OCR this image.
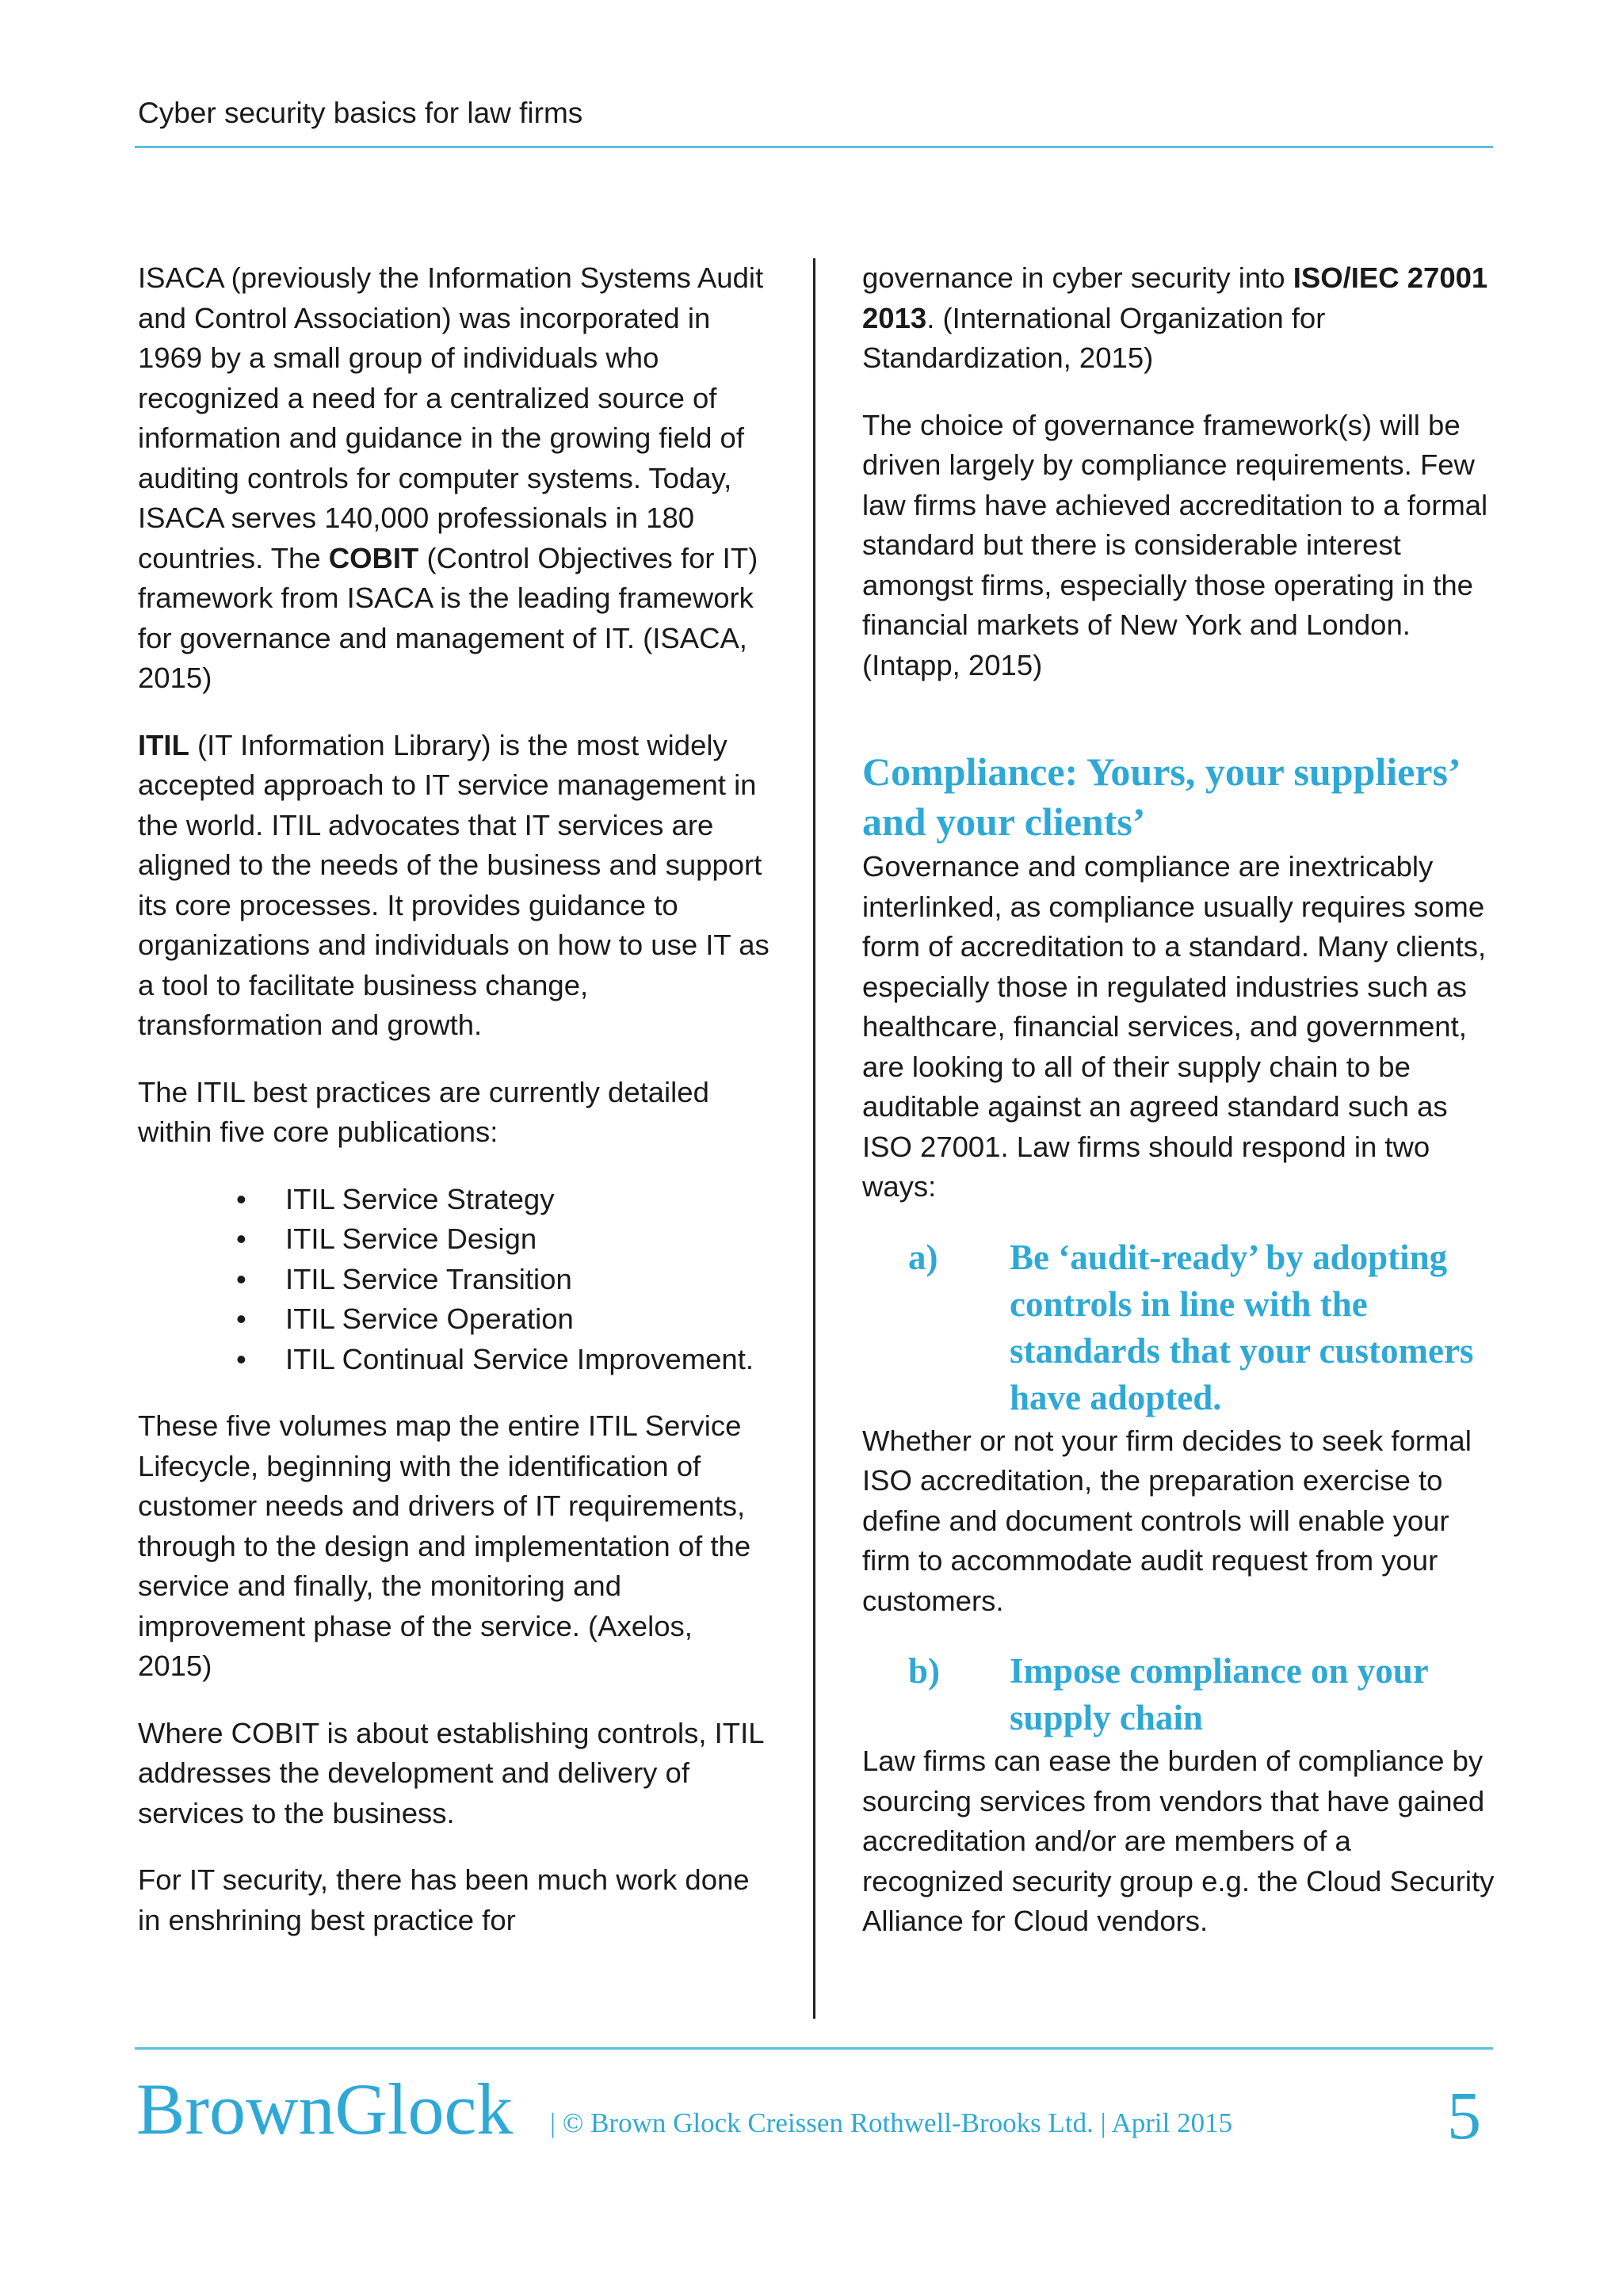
Cyber security basics for law firms

ISACA (previously the Information Systems Audit and Control Association) was incorporated in 1969 by a small group of individuals who recognized a need for a centralized source of information and guidance in the growing field of auditing controls for computer systems. Today, ISACA serves 140,000 professionals in 180 countries. The COBIT (Control Objectives for IT) framework from ISACA is the leading framework for governance and management of IT. (ISACA, 2015)

ITIL (IT Information Library) is the most widely accepted approach to IT service management in the world. ITIL advocates that IT services are aligned to the needs of the business and support its core processes. It provides guidance to organizations and individuals on how to use IT as a tool to facilitate business change, transformation and growth.

The ITIL best practices are currently detailed within five core publications:

• ITIL Service Strategy
• ITIL Service Design
• ITIL Service Transition
• ITIL Service Operation
• ITIL Continual Service Improvement.

These five volumes map the entire ITIL Service Lifecycle, beginning with the identification of customer needs and drivers of IT requirements, through to the design and implementation of the service and finally, the monitoring and improvement phase of the service. (Axelos, 2015)

Where COBIT is about establishing controls, ITIL addresses the development and delivery of services to the business.

For IT security, there has been much work done in enshrining best practice for

governance in cyber security into ISO/IEC 27001 2013. (International Organization for Standardization, 2015)

The choice of governance framework(s) will be driven largely by compliance requirements. Few law firms have achieved accreditation to a formal standard but there is considerable interest amongst firms, especially those operating in the financial markets of New York and London. (Intapp, 2015)

Compliance: Yours, your suppliers’ and your clients’

Governance and compliance are inextricably interlinked, as compliance usually requires some form of accreditation to a standard. Many clients, especially those in regulated industries such as healthcare, financial services, and government, are looking to all of their supply chain to be auditable against an agreed standard such as ISO 27001. Law firms should respond in two ways:

a)	Be ‘audit-ready’ by adopting controls in line with the standards that your customers have adopted.

Whether or not your firm decides to seek formal ISO accreditation, the preparation exercise to define and document controls will enable your firm to accommodate audit request from your customers.

b)	Impose compliance on your supply chain

Law firms can ease the burden of compliance by sourcing services from vendors that have gained accreditation and/or are members of a recognized security group e.g. the Cloud Security Alliance for Cloud vendors.

BrownGlock | © Brown Glock Creissen Rothwell-Brooks Ltd. | April 2015	5
